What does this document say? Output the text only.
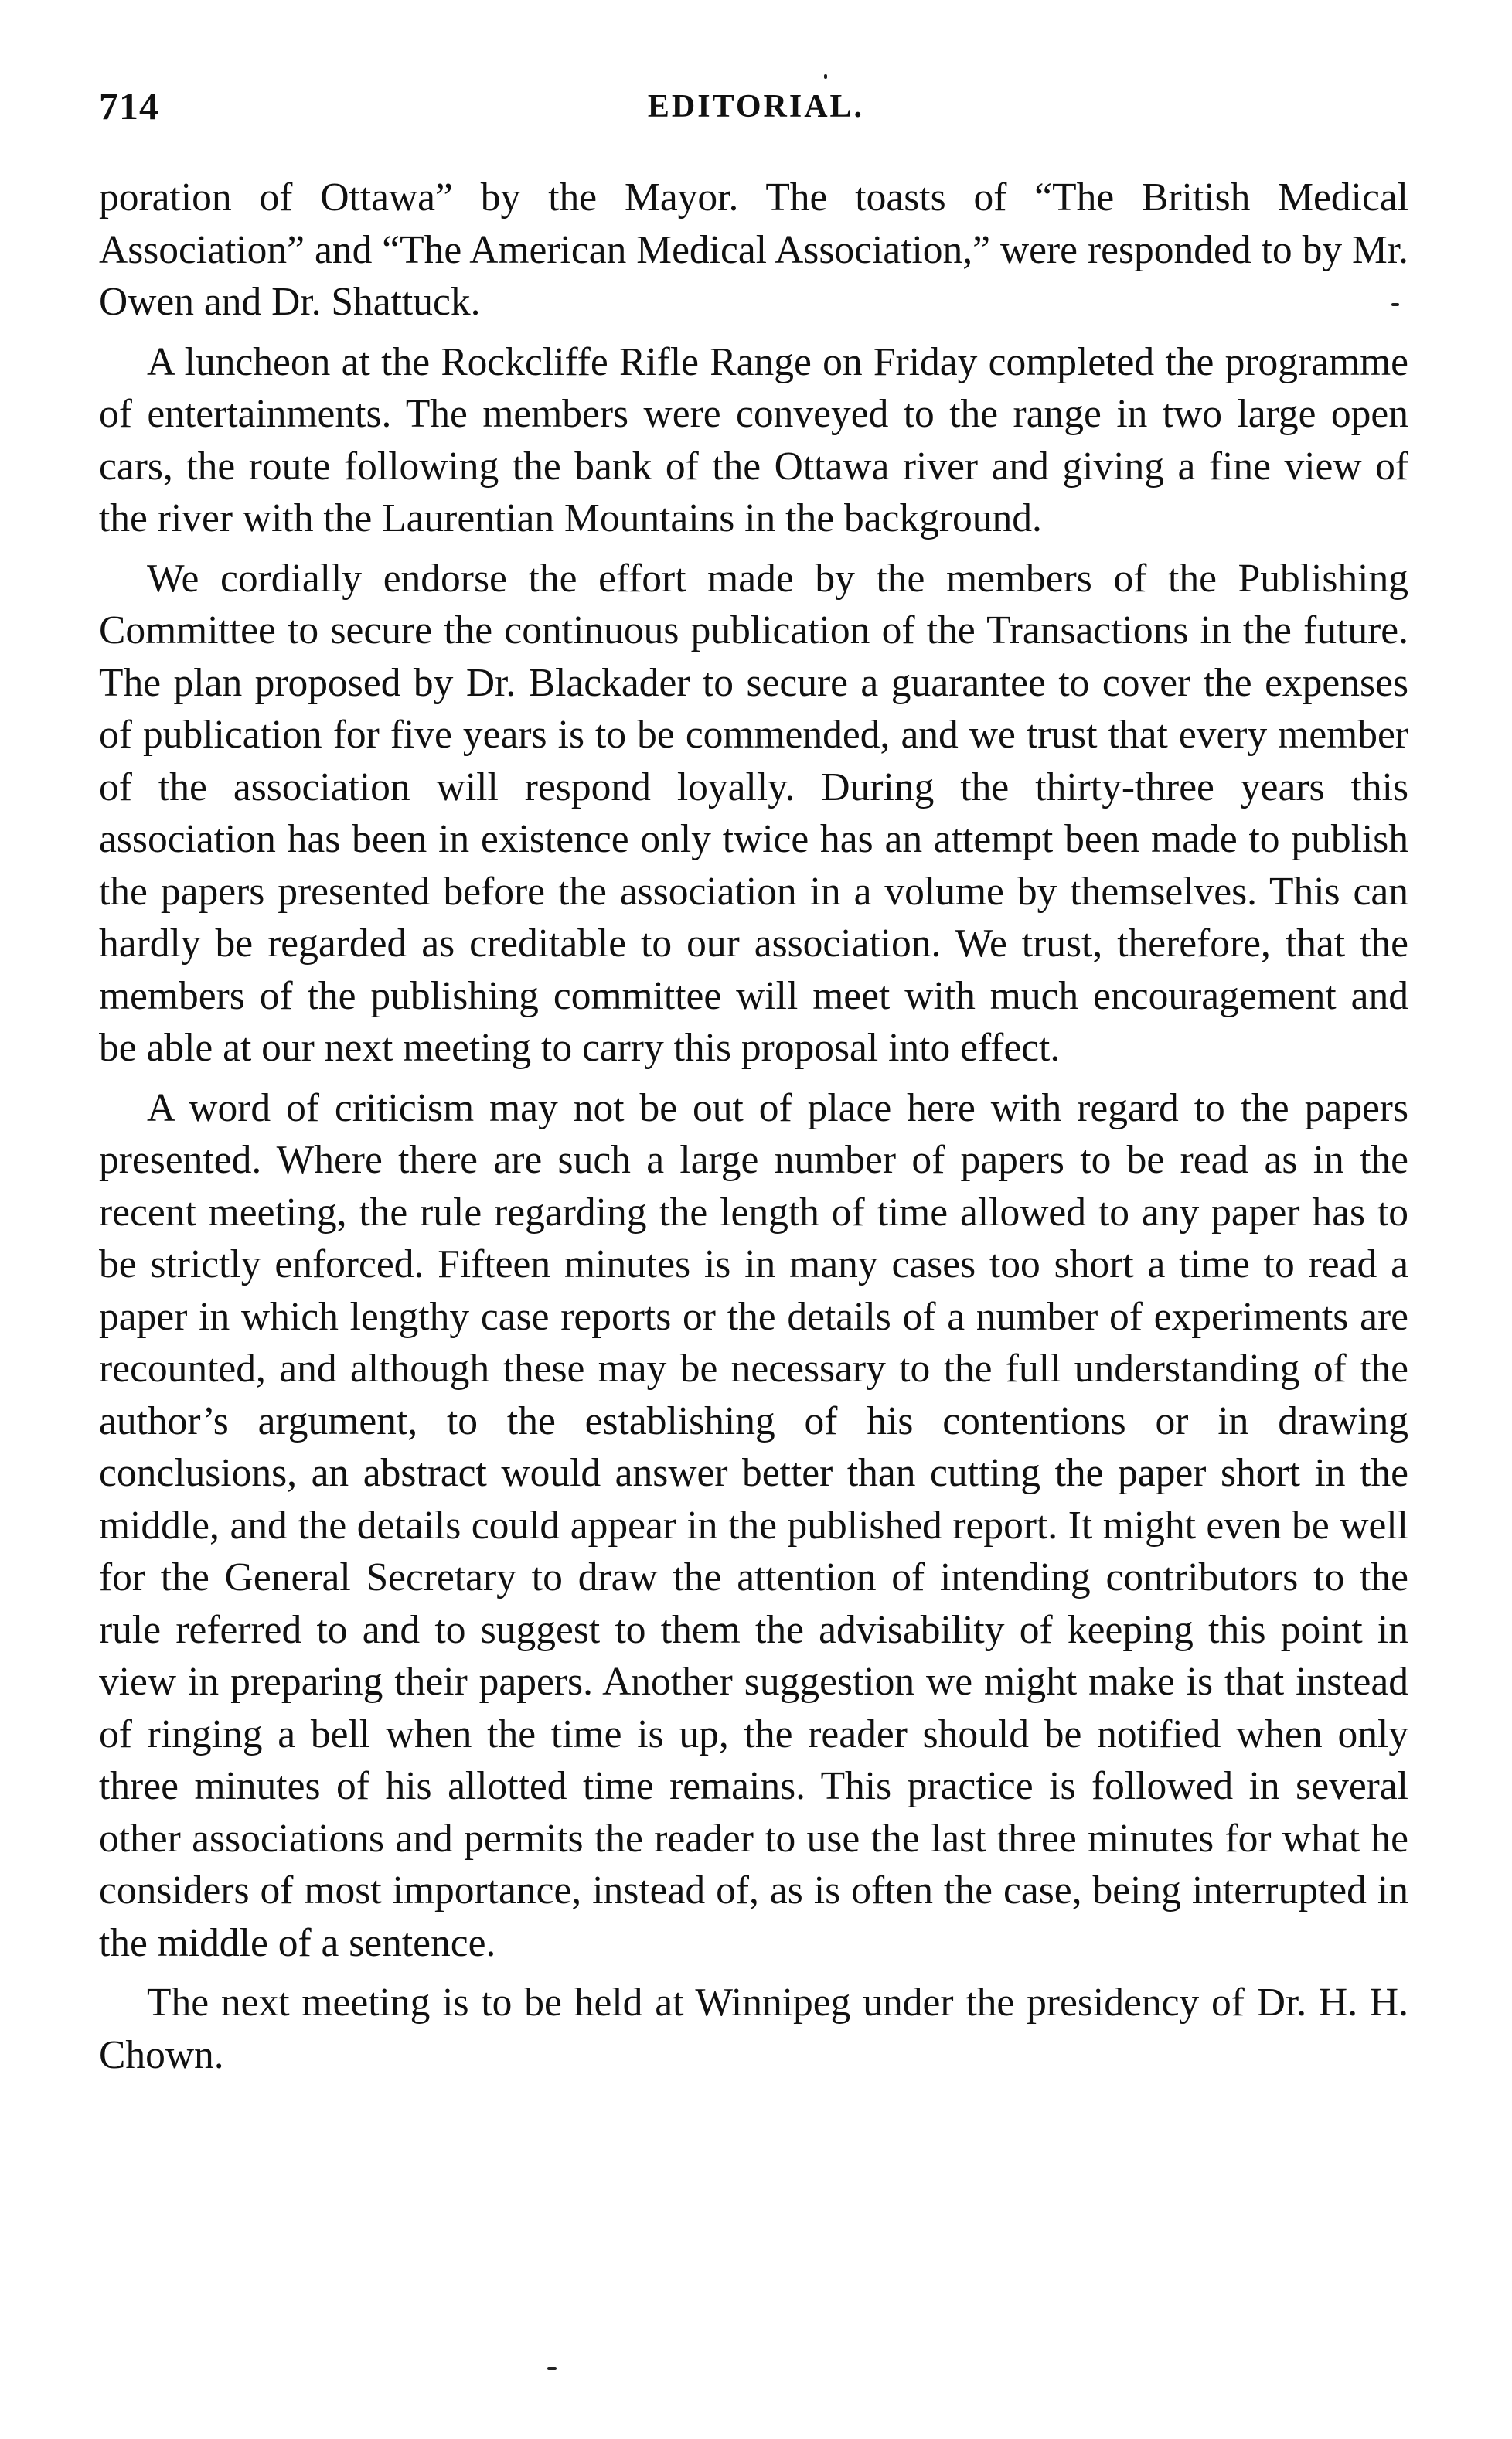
714	EDITORIAL.

poration of Ottawa” by the Mayor. The toasts of “The British Medical Association” and “The American Medical Association,” were responded to by Mr. Owen and Dr. Shattuck.

A luncheon at the Rockcliffe Rifle Range on Friday completed the programme of entertainments. The members were conveyed to the range in two large open cars, the route following the bank of the Ottawa river and giving a fine view of the river with the Laurentian Mountains in the background.

We cordially endorse the effort made by the members of the Publishing Committee to secure the continuous publication of the Transactions in the future. The plan proposed by Dr. Blackader to secure a guarantee to cover the expenses of publication for five years is to be commended, and we trust that every member of the association will respond loyally. During the thirty-three years this association has been in existence only twice has an attempt been made to publish the papers presented before the association in a volume by themselves. This can hardly be regarded as creditable to our association. We trust, therefore, that the members of the publishing committee will meet with much encouragement and be able at our next meeting to carry this proposal into effect.

A word of criticism may not be out of place here with regard to the papers presented. Where there are such a large number of papers to be read as in the recent meeting, the rule regarding the length of time allowed to any paper has to be strictly enforced. Fifteen minutes is in many cases too short a time to read a paper in which lengthy case reports or the details of a number of experiments are recounted, and although these may be necessary to the full understanding of the author’s argument, to the establishing of his contentions or in drawing conclusions, an abstract would answer better than cutting the paper short in the middle, and the details could appear in the published report. It might even be well for the General Secretary to draw the attention of intending contributors to the rule referred to and to suggest to them the advisability of keeping this point in view in preparing their papers. Another suggestion we might make is that instead of ringing a bell when the time is up, the reader should be notified when only three minutes of his allotted time remains. This practice is followed in several other associations and permits the reader to use the last three minutes for what he considers of most importance, instead of, as is often the case, being interrupted in the middle of a sentence.

The next meeting is to be held at Winnipeg under the presidency of Dr. H. H. Chown.
